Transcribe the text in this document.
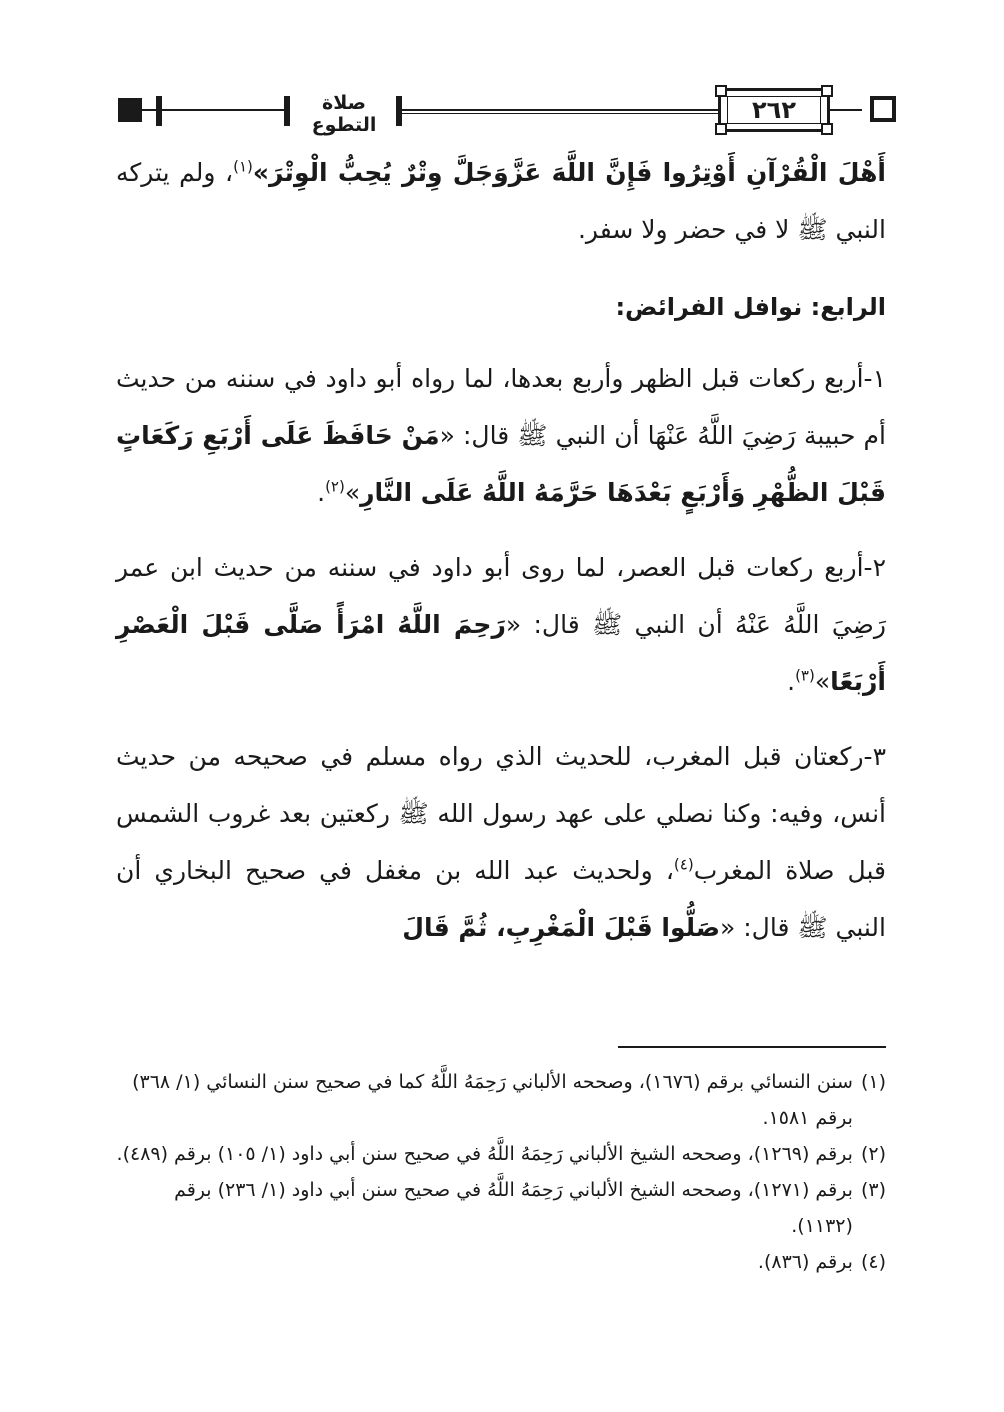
صلاة التطوع
٢٦٢

أَهْلَ الْقُرْآنِ أَوْتِرُوا فَإِنَّ اللَّهَ عَزَّوَجَلَّ وِتْرٌ يُحِبُّ الْوِتْرَ»$^{(١)}$، ولم يتركه النبي ﷺ لا في حضر ولا سفر.

الرابع: نوافل الفرائض:

١-أربع ركعات قبل الظهر وأربع بعدها، لما رواه أبو داود في سننه من حديث أم حبيبة رَضِيَ اللَّهُ عَنْهَا أن النبي ﷺ قال: «مَنْ حَافَظَ عَلَى أَرْبَعِ رَكَعَاتٍ قَبْلَ الظُّهْرِ وَأَرْبَعٍ بَعْدَهَا حَرَّمَهُ اللَّهُ عَلَى النَّارِ»$^{(٢)}$.

٢-أربع ركعات قبل العصر، لما روى أبو داود في سننه من حديث ابن عمر رَضِيَ اللَّهُ عَنْهُ أن النبي ﷺ قال: «رَحِمَ اللَّهُ امْرَأً صَلَّى قَبْلَ الْعَصْرِ أَرْبَعًا»$^{(٣)}$.

٣-ركعتان قبل المغرب، للحديث الذي رواه مسلم في صحيحه من حديث أنس، وفيه: وكنا نصلي على عهد رسول الله ﷺ ركعتين بعد غروب الشمس قبل صلاة المغرب$^{(٤)}$، ولحديث عبد الله بن مغفل في صحيح البخاري أن النبي ﷺ قال: «صَلُّوا قَبْلَ الْمَغْرِبِ، ثُمَّ قَالَ

(١)
سنن النسائي برقم (١٦٧٦)، وصححه الألباني رَحِمَهُ اللَّهُ كما في صحيح سنن النسائي (١/ ٣٦٨) برقم ١٥٨١.
(٢)
برقم (١٢٦٩)، وصححه الشيخ الألباني رَحِمَهُ اللَّهُ في صحيح سنن أبي داود (١/ ١٠٥) برقم (٤٨٩).
(٣)
برقم (١٢٧١)، وصححه الشيخ الألباني رَحِمَهُ اللَّهُ في صحيح سنن أبي داود (١/ ٢٣٦) برقم (١١٣٢).
(٤)
برقم (٨٣٦).
